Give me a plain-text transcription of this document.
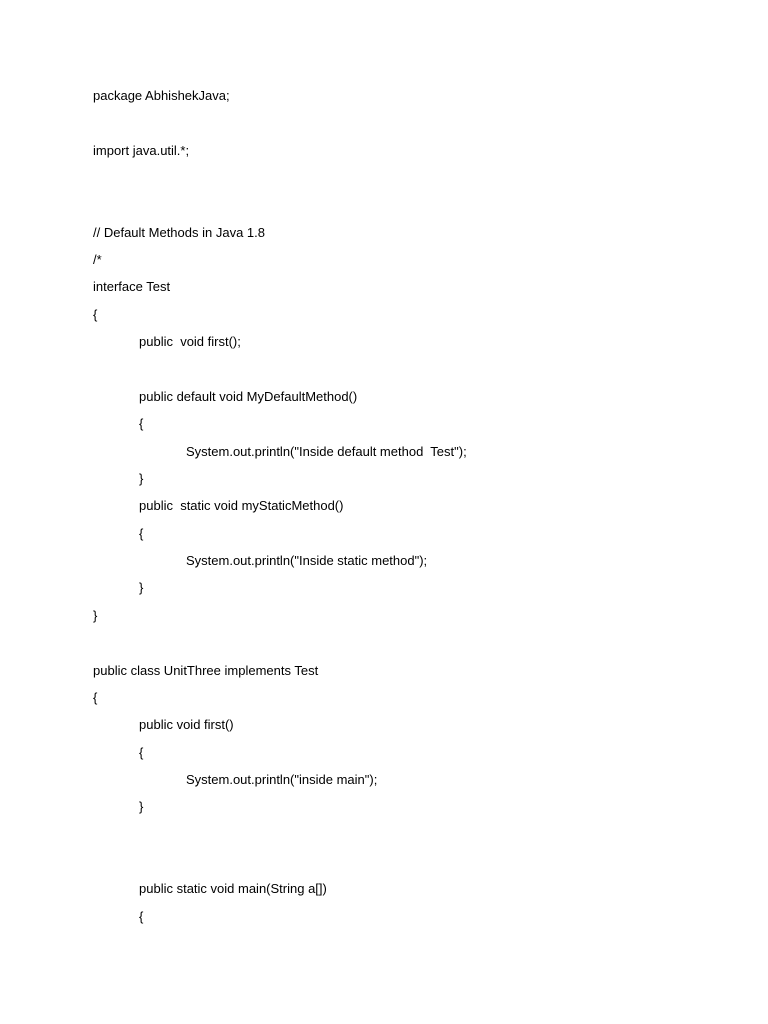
package AbhishekJava;
import java.util.*;
// Default Methods in Java 1.8
/*
interface Test
{
public  void first();
public default void MyDefaultMethod()
{
System.out.println("Inside default method  Test");
}
public  static void myStaticMethod()
{
System.out.println("Inside static method");
}
}
public class UnitThree implements Test
{
public void first()
{
System.out.println("inside main");
}
public static void main(String a[])
{
